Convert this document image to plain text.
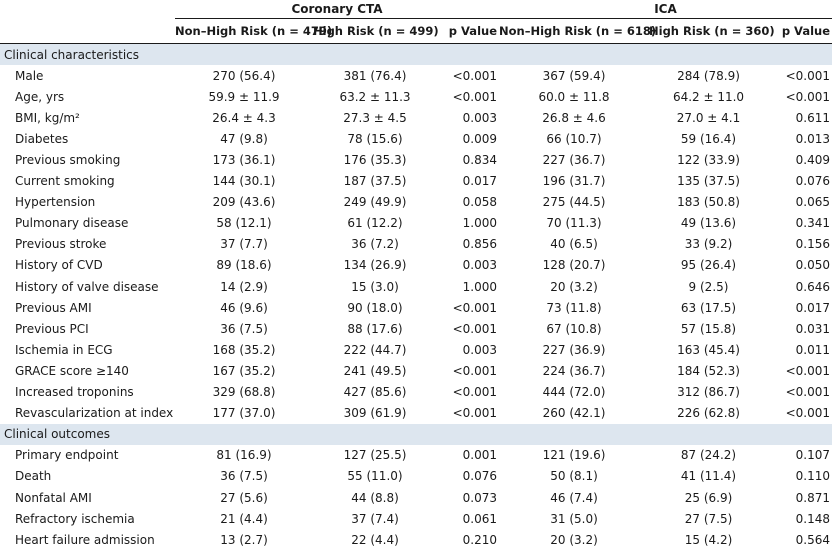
	Coronary CTA			ICA		
	Non–High Risk (n = 479)	High Risk (n = 499)	p Value	Non–High Risk (n = 618)	High Risk (n = 360)	p Value
Clinical characteristics						
Male	270 (56.4)	381 (76.4)	<0.001	367 (59.4)	284 (78.9)	<0.001
Age, yrs	59.9 ± 11.9	63.2 ± 11.3	<0.001	60.0 ± 11.8	64.2 ± 11.0	<0.001
BMI, kg/m²	26.4 ± 4.3	27.3 ± 4.5	0.003	26.8 ± 4.6	27.0 ± 4.1	0.611
Diabetes	47 (9.8)	78 (15.6)	0.009	66 (10.7)	59 (16.4)	0.013
Previous smoking	173 (36.1)	176 (35.3)	0.834	227 (36.7)	122 (33.9)	0.409
Current smoking	144 (30.1)	187 (37.5)	0.017	196 (31.7)	135 (37.5)	0.076
Hypertension	209 (43.6)	249 (49.9)	0.058	275 (44.5)	183 (50.8)	0.065
Pulmonary disease	58 (12.1)	61 (12.2)	1.000	70 (11.3)	49 (13.6)	0.341
Previous stroke	37 (7.7)	36 (7.2)	0.856	40 (6.5)	33 (9.2)	0.156
History of CVD	89 (18.6)	134 (26.9)	0.003	128 (20.7)	95 (26.4)	0.050
History of valve disease	14 (2.9)	15 (3.0)	1.000	20 (3.2)	9 (2.5)	0.646
Previous AMI	46 (9.6)	90 (18.0)	<0.001	73 (11.8)	63 (17.5)	0.017
Previous PCI	36 (7.5)	88 (17.6)	<0.001	67 (10.8)	57 (15.8)	0.031
Ischemia in ECG	168 (35.2)	222 (44.7)	0.003	227 (36.9)	163 (45.4)	0.011
GRACE score ≥140	167 (35.2)	241 (49.5)	<0.001	224 (36.7)	184 (52.3)	<0.001
Increased troponins	329 (68.8)	427 (85.6)	<0.001	444 (72.0)	312 (86.7)	<0.001
Revascularization at index	177 (37.0)	309 (61.9)	<0.001	260 (42.1)	226 (62.8)	<0.001
Clinical outcomes						
Primary endpoint	81 (16.9)	127 (25.5)	0.001	121 (19.6)	87 (24.2)	0.107
Death	36 (7.5)	55 (11.0)	0.076	50 (8.1)	41 (11.4)	0.110
Nonfatal AMI	27 (5.6)	44 (8.8)	0.073	46 (7.4)	25 (6.9)	0.871
Refractory ischemia	21 (4.4)	37 (7.4)	0.061	31 (5.0)	27 (7.5)	0.148
Heart failure admission	13 (2.7)	22 (4.4)	0.210	20 (3.2)	15 (4.2)	0.564
